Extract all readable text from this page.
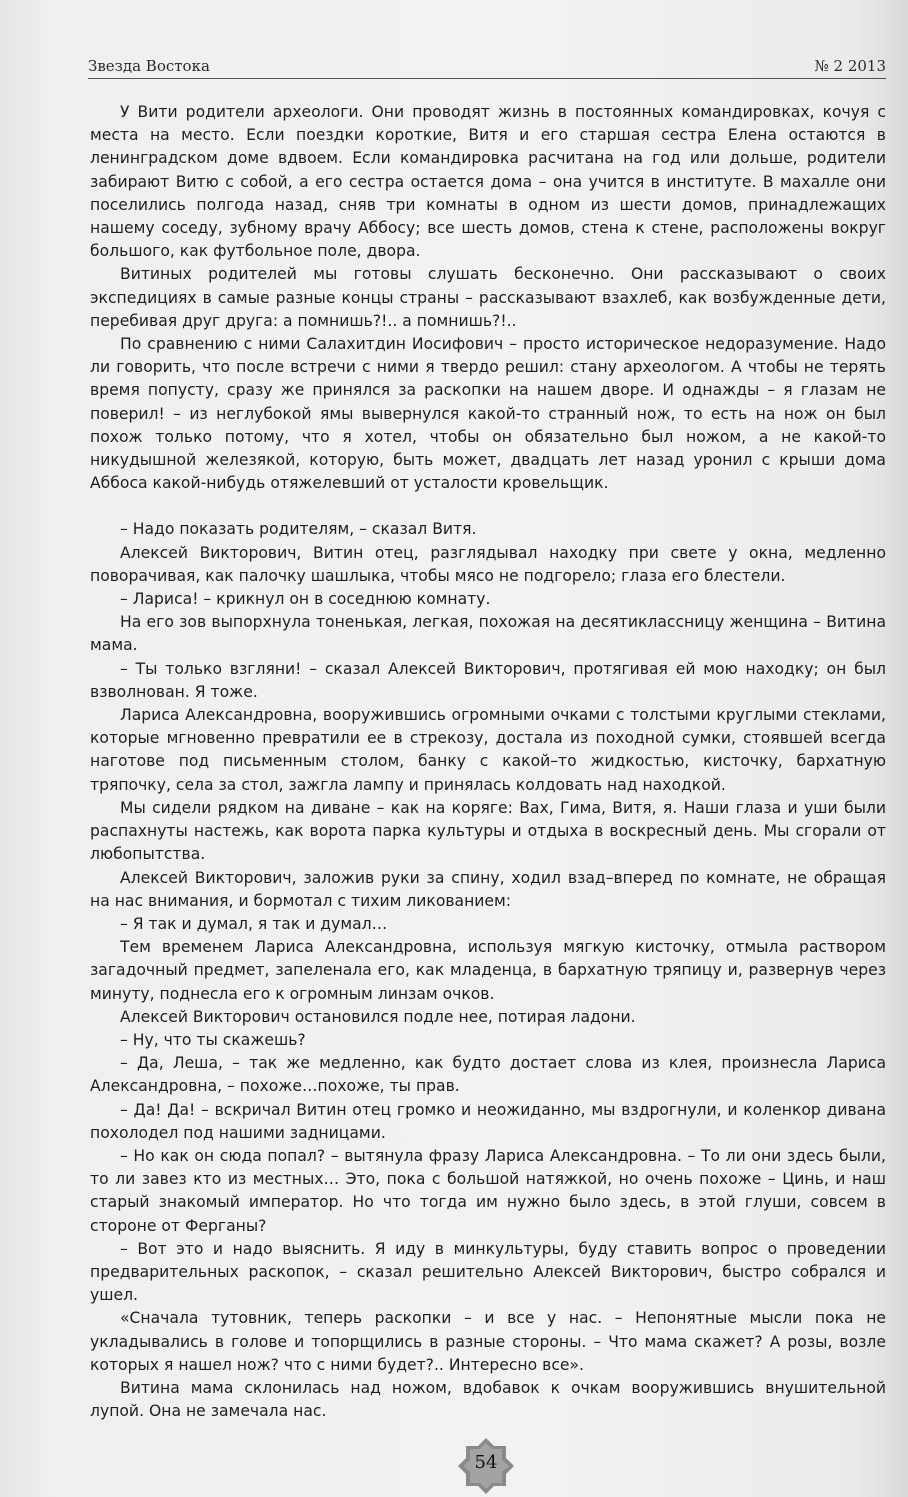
Звезда Востока	№ 2 2013

У Вити родители археологи. Они проводят жизнь в постоянных командировках, кочуя с места на место. Если поездки короткие, Витя и его старшая сестра Елена остаются в ленинградском доме вдвоем. Если командировка расчитана на год или дольше, родители забирают Витю с собой, а его сестра остается дома – она учится в институте. В махалле они поселились полгода назад, сняв три комнаты в одном из шести домов, принадлежащих нашему соседу, зубному врачу Аббосу; все шесть домов, стена к стене, расположены вокруг большого, как футбольное поле, двора.

Витиных родителей мы готовы слушать бесконечно. Они рассказывают о своих экспедициях в самые разные концы страны – рассказывают взахлеб, как возбужденные дети, перебивая друг друга: а помнишь?!.. а помнишь?!..

По сравнению с ними Салахитдин Иосифович – просто историческое недоразумение. Надо ли говорить, что после встречи с ними я твердо решил: стану археологом. А чтобы не терять время попусту, сразу же принялся за раскопки на нашем дворе. И однажды – я глазам не поверил! – из неглубокой ямы вывернулся какой-то странный нож, то есть на нож он был похож только потому, что я хотел, чтобы он обязательно был ножом, а не какой-то никудышной железякой, которую, быть может, двадцать лет назад уронил с крыши дома Аббоса какой-нибудь отяжелевший от усталости кровельщик.

– Надо показать родителям, – сказал Витя.

Алексей Викторович, Витин отец, разглядывал находку при свете у окна, медленно поворачивая, как палочку шашлыка, чтобы мясо не подгорело; глаза его блестели.

– Лариса! – крикнул он в соседнюю комнату.

На его зов выпорхнула тоненькая, легкая, похожая на десятиклассницу женщина – Витина мама.

– Ты только взгляни! – сказал Алексей Викторович, протягивая ей мою находку; он был взволнован. Я тоже.

Лариса Александровна, вооружившись огромными очками с толстыми круглыми стеклами, которые мгновенно превратили ее в стрекозу, достала из походной сумки, стоявшей всегда наготове под письменным столом, банку с какой–то жидкостью, кисточку, бархатную тряпочку, села за стол, зажгла лампу и принялась колдовать над находкой.

Мы сидели рядком на диване – как на коряге: Вах, Гима, Витя, я. Наши глаза и уши были распахнуты настежь, как ворота парка культуры и отдыха в воскресный день. Мы сгорали от любопытства.

Алексей Викторович, заложив руки за спину, ходил взад–вперед по комнате, не обращая на нас внимания, и бормотал с тихим ликованием:

– Я так и думал, я так и думал…

Тем временем Лариса Александровна, используя мягкую кисточку, отмыла раствором загадочный предмет, запеленала его, как младенца, в бархатную тряпицу и, развернув через минуту, поднесла его к огромным линзам очков.

Алексей Викторович остановился подле нее, потирая ладони.

– Ну, что ты скажешь?

– Да, Леша, – так же медленно, как будто достает слова из клея, произнесла Лариса Александровна, – похоже…похоже, ты прав.

– Да! Да! – вскричал Витин отец громко и неожиданно, мы вздрогнули, и коленкор дивана похолодел под нашими задницами.

– Но как он сюда попал? – вытянула фразу Лариса Александровна. – То ли они здесь были, то ли завез кто из местных… Это, пока с большой натяжкой, но очень похоже – Цинь, и наш старый знакомый император. Но что тогда им нужно было здесь, в этой глуши, совсем в стороне от Ферганы?

– Вот это и надо выяснить. Я иду в минкультуры, буду ставить вопрос о проведении предварительных раскопок, – сказал решительно Алексей Викторович, быстро собрался и ушел.

«Сначала тутовник, теперь раскопки – и все у нас. – Непонятные мысли пока не укладывались в голове и топорщились в разные стороны. – Что мама скажет? А розы, возле которых я нашел нож? что с ними будет?.. Интересно все».

Витина мама склонилась над ножом, вдобавок к очкам вооружившись внушительной лупой. Она не замечала нас.

54
